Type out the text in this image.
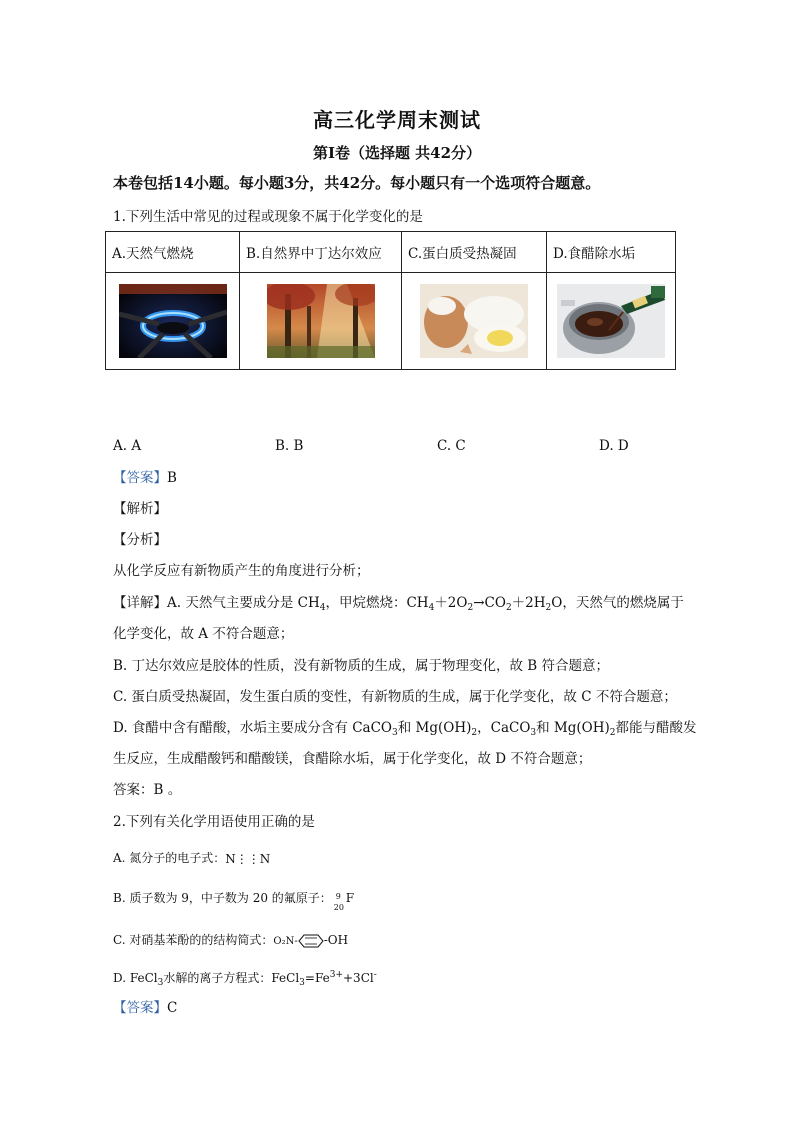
高三化学周末测试
第Ⅰ卷（选择题 共42分）
本卷包括14小题。每小题3分，共42分。每小题只有一个选项符合题意。
1.下列生活中常见的过程或现象不属于化学变化的是
A.天然气燃烧	B.自然界中丁达尔效应	C.蛋白质受热凝固	D.食醋除水垢

A. A	B. B	C. C	D. D
【答案】B
【解析】
【分析】
从化学反应有新物质产生的角度进行分析；
【详解】A. 天然气主要成分是 $CH_4$，甲烷燃烧：$CH_4+2O_2\to CO_2+2H_2O$，天然气的燃烧属于
化学变化，故 A 不符合题意；
B. 丁达尔效应是胶体的性质，没有新物质的生成，属于物理变化，故 B 符合题意；
C. 蛋白质受热凝固，发生蛋白质的变性，有新物质的生成，属于化学变化，故 C 不符合题意；
D. 食醋中含有醋酸，水垢主要成分含有 CaCO$_3$和 $Mg(OH)_2$，CaCO$_3$和 $Mg(OH)_2$都能与醋酸发
生反应，生成醋酸钙和醋酸镁，食醋除水垢，属于化学变化，故 D 不符合题意；
答案：B 。
2.下列有关化学用语使用正确的是
A. 氮分子的电子式：N⋮⋮N
B. 质子数为 9，中子数为 20 的氟原子： 9
20
F
C. 对硝基苯酚的的结构简式：O₂N- -OH
D. FeCl$_3$水解的离子方程式：$FeCl_3=Fe^{3+}+3Cl^-$
【答案】C
